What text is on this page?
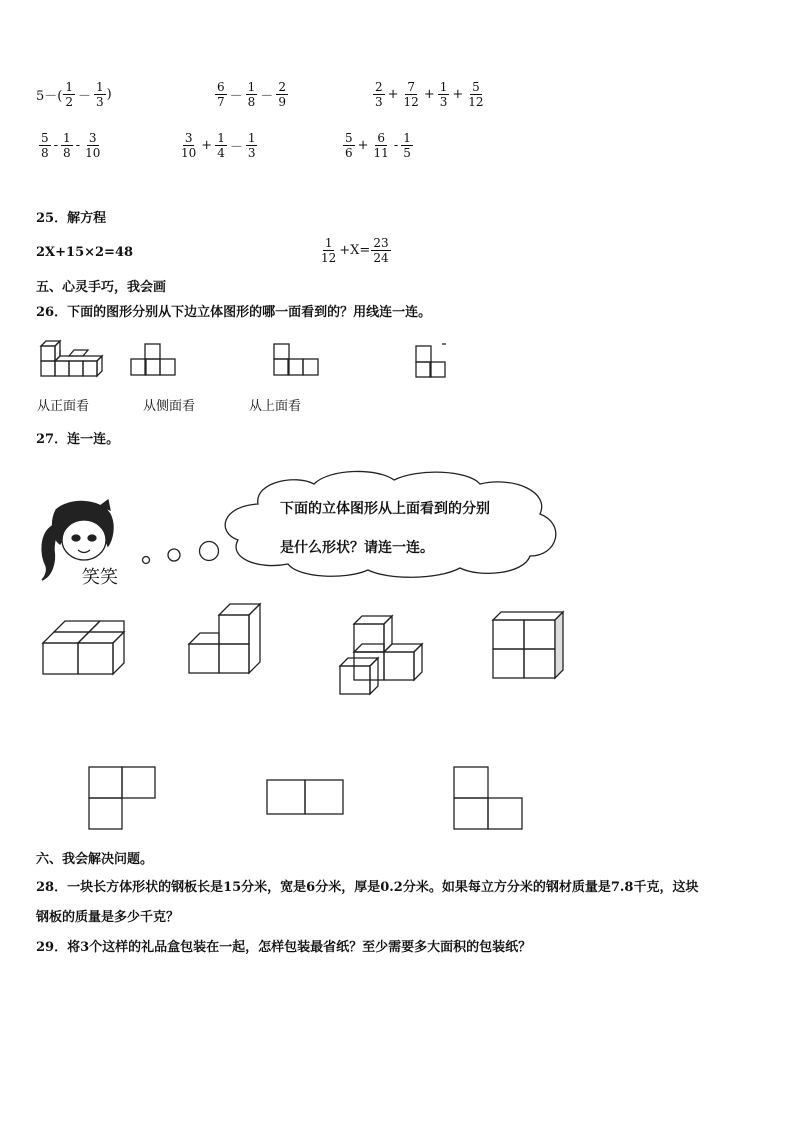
$5-( \frac{1}{2} - \frac{1}{3}$ )	$\frac{6}{7} - \frac{1}{8} - \frac{2}{9}$	$\frac{2}{3} + \frac{7}{12} + \frac{1}{3} + \frac{5}{12}$
$\frac{5}{8} - \frac{1}{8} - \frac{3}{10}$	$\frac{3}{10} + \frac{1}{4} - \frac{1}{3}$	$\frac{5}{6} + \frac{6}{11} - \frac{1}{5}$
25．解方程
2X+15×2=48	$\frac{1}{12} +X= \frac{23}{24}$
五、心灵手巧，我会画
26．下面的图形分别从下边立体图形的哪一面看到的？用线连一连。
从正面看	从侧面看	从上面看
27．连一连。
笑笑
下面的立体图形从上面看到的分别
是什么形状？请连一连。
六、我会解决问题。
28．一块长方体形状的钢板长是15分米，宽是6分米，厚是0.2分米。如果每立方分米的钢材质量是7.8千克，这块
钢板的质量是多少千克？
29．将3个这样的礼品盒包装在一起，怎样包装最省纸？至少需要多大面积的包装纸？
